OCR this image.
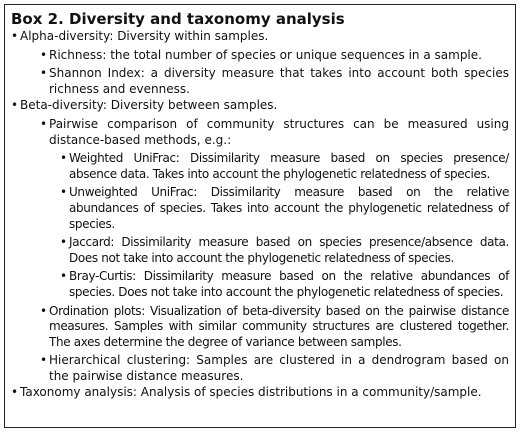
Box 2. Diversity and taxonomy analysis
• Alpha-diversity: Diversity within samples.
• Richness: the total number of species or unique sequences in a sample.
• Shannon Index: a diversity measure that takes into account both species richness and evenness.
• Beta-diversity: Diversity between samples.
• Pairwise comparison of community structures can be measured using distance-based methods, e.g.:
• Weighted UniFrac: Dissimilarity measure based on species presence/ absence data. Takes into account the phylogenetic relatedness of species.
• Unweighted UniFrac: Dissimilarity measure based on the relative abundances of species. Takes into account the phylogenetic relatedness of species.
• Jaccard: Dissimilarity measure based on species presence/absence data. Does not take into account the phylogenetic relatedness of species.
• Bray-Curtis: Dissimilarity measure based on the relative abundances of species. Does not take into account the phylogenetic relatedness of species.
• Ordination plots: Visualization of beta-diversity based on the pairwise distance measures. Samples with similar community structures are clustered together. The axes determine the degree of variance between samples.
• Hierarchical clustering: Samples are clustered in a dendrogram based on the pairwise distance measures.
• Taxonomy analysis: Analysis of species distributions in a community/sample.
